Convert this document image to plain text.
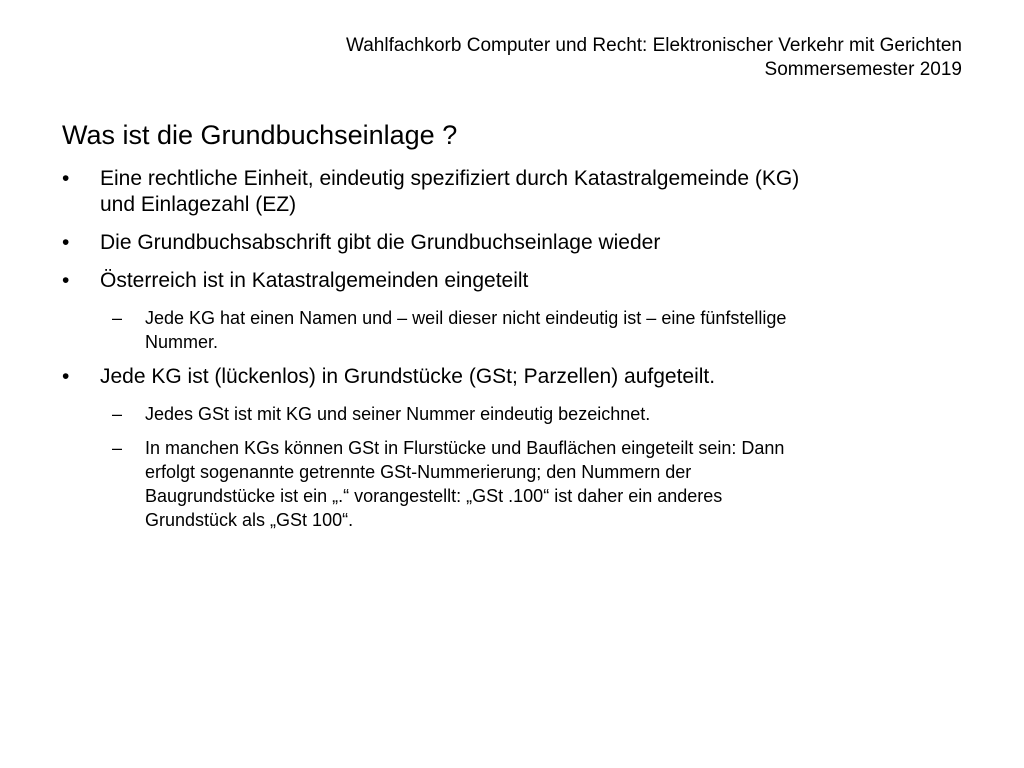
Wahlfachkorb Computer und Recht: Elektronischer Verkehr mit Gerichten
Sommersemester 2019
Was ist die Grundbuchseinlage ?
•	Eine rechtliche Einheit, eindeutig spezifiziert durch Katastralgemeinde (KG)
und Einlagezahl (EZ)
•	Die Grundbuchsabschrift gibt die Grundbuchseinlage wieder
•	Österreich ist in Katastralgemeinden eingeteilt
– Jede KG hat einen Namen und – weil dieser nicht eindeutig ist – eine fünfstellige
Nummer.
•	Jede KG ist (lückenlos) in Grundstücke (GSt; Parzellen) aufgeteilt.
– Jedes GSt ist mit KG und seiner Nummer eindeutig bezeichnet.
– In manchen KGs können GSt in Flurstücke und Bauflächen eingeteilt sein: Dann
erfolgt sogenannte getrennte GSt-Nummerierung; den Nummern der
Baugrundstücke ist ein „.“ vorangestellt: „GSt .100“ ist daher ein anderes
Grundstück als „GSt 100“.
